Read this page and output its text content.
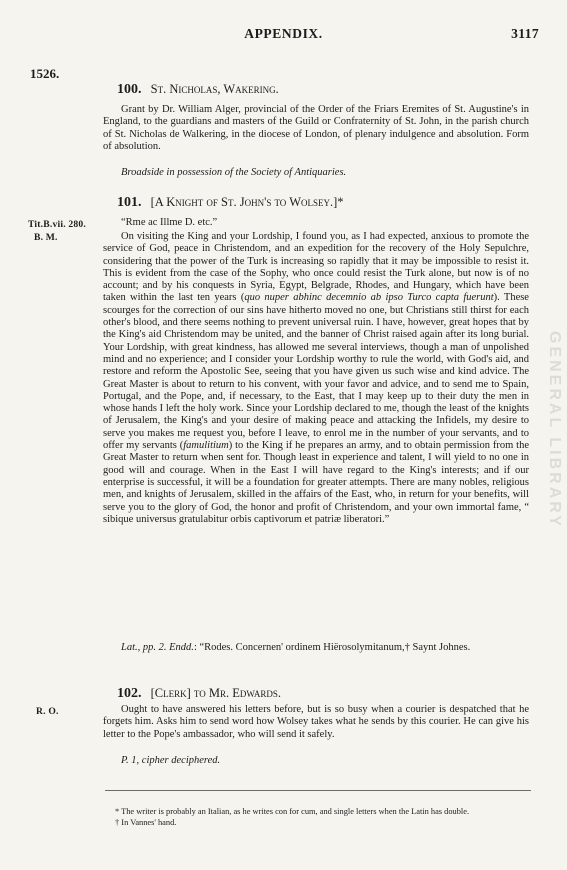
APPENDIX.	3117
1526.
100. St. Nicholas, Wakering.
Grant by Dr. William Alger, provincial of the Order of the Friars Eremites of St. Augustine's in England, to the guardians and masters of the Guild or Confraternity of St. John, in the parish church of St. Nicholas de Walkering, in the diocese of London, of plenary indulgence and absolution. Form of absolution.
Broadside in possession of the Society of Antiquaries.
101. [A Knight of St. John's to Wolsey.]*
Tit.B.vii. 280.
B. M.
“Rme ac Illme D. etc.”
On visiting the King and your Lordship, I found you, as I had expected, anxious to promote the service of God, peace in Christendom, and an expedition for the recovery of the Holy Sepulchre, considering that the power of the Turk is increasing so rapidly that it may be impossible to resist it. This is evident from the case of the Sophy, who once could resist the Turk alone, but now is of no account; and by his conquests in Syria, Egypt, Belgrade, Rhodes, and Hungary, which have been taken within the last ten years (quo nuper abhinc decemnio ab ipso Turco capta fuerunt). These scourges for the correction of our sins have hitherto moved no one, but Christians still thirst for each other's blood, and there seems nothing to prevent universal ruin. I have, however, great hopes that by the King's aid Christendom may be united, and the banner of Christ raised again after its long burial. Your Lordship, with great kindness, has allowed me several interviews, though a man of unpolished mind and no experience; and I consider your Lordship worthy to rule the world, with God's aid, and restore and reform the Apostolic See, seeing that you have given us such wise and kind advice. The Great Master is about to return to his convent, with your favor and advice, and to send me to Spain, Portugal, and the Pope, and, if necessary, to the East, that I may keep up to their duty the men in whose hands I left the holy work. Since your Lordship declared to me, though the least of the knights of Jerusalem, the King's and your desire of making peace and attacking the Infidels, my desire to serve you makes me request you, before I leave, to enrol me in the number of your servants, and to offer my servants (famulitium) to the King if he prepares an army, and to obtain permission from the Great Master to return when sent for. Though least in experience and talent, I will yield to no one in good will and courage. When in the East I will have regard to the King's interests; and if our enterprise is successful, it will be a foundation for greater attempts. There are many nobles, religious men, and knights of Jerusalem, skilled in the affairs of the East, who, in return for your benefits, will serve you to the glory of God, the honor and profit of Christendom, and your own immortal fame, “ sibique universus gratulabitur orbis captivorum et patriæ liberatori.”
Lat., pp. 2. Endd.: “Rodes. Concernen' ordinem Hiërosolymitanum,† Saynt Johnes.
102. [Clerk] to Mr. Edwards.
R. O.	Ought to have answered his letters before, but is so busy when a courier is despatched that he forgets him. Asks him to send word how Wolsey takes what he sends by this courier. He can give his letter to the Pope's ambassador, who will send it safely.
P. 1, cipher deciphered.
* The writer is probably an Italian, as he writes con for cum, and single letters when the Latin has double.
† In Vannes' hand.
GENERAL LIBRARY
